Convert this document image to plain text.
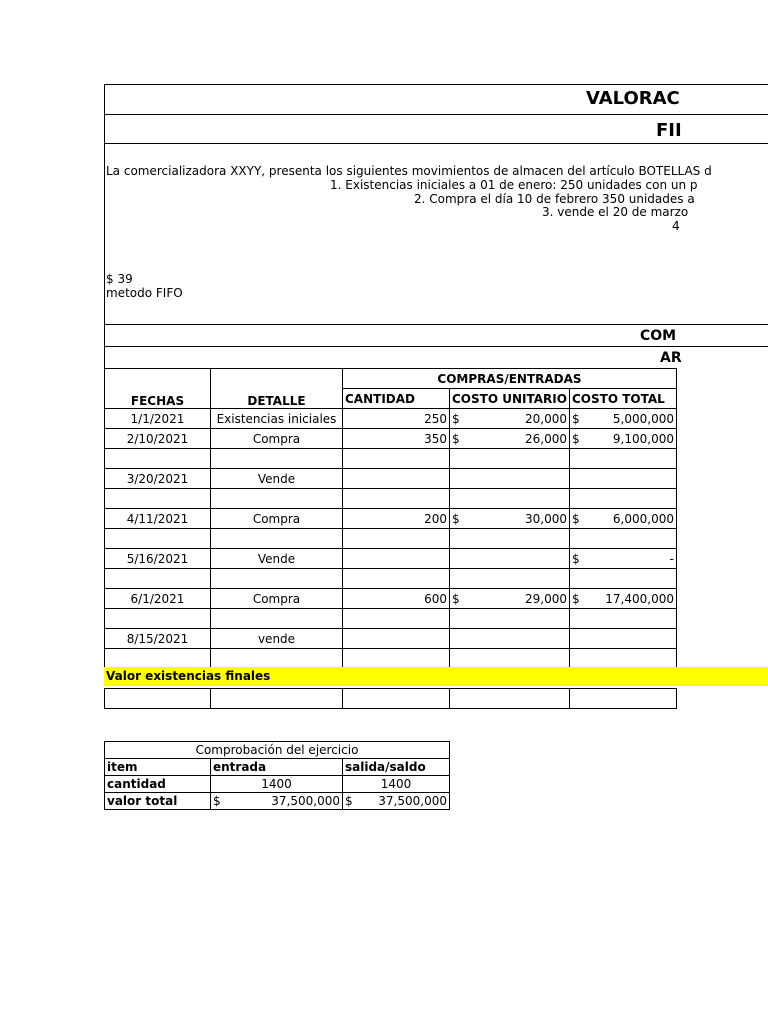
VALORAC
FII
La comercializadora XXYY, presenta los siguientes movimientos de almacen del artículo BOTELLAS d
1. Existencias iniciales a 01 de enero: 250 unidades con un p
2. Compra el día 10 de febrero 350 unidades a
3. vende el 20 de marzo
4
$ 39
metodo FIFO
COM
AR
FECHAS	DETALLE	COMPRAS/ENTRADAS		
		CANTIDAD	COSTO UNITARIO	COSTO TOTAL
1/1/2021	Existencias iniciales	250	$ 20,000	$ 5,000,000

2/10/2021	Compra	350	$ 26,000	$ 9,100,000

3/20/2021	Vende		

4/11/2021	Compra	200	$ 30,000	$ 6,000,000

5/16/2021	Vende			$ -

6/1/2021	Compra	600	$ 29,000	$ 17,400,000

8/15/2021	vende		

Valor existencias finales
Comprobación del ejercicio		
item	entrada	salida/saldo
cantidad	1400	1400
valor total	$ 37,500,000	$ 37,500,000
